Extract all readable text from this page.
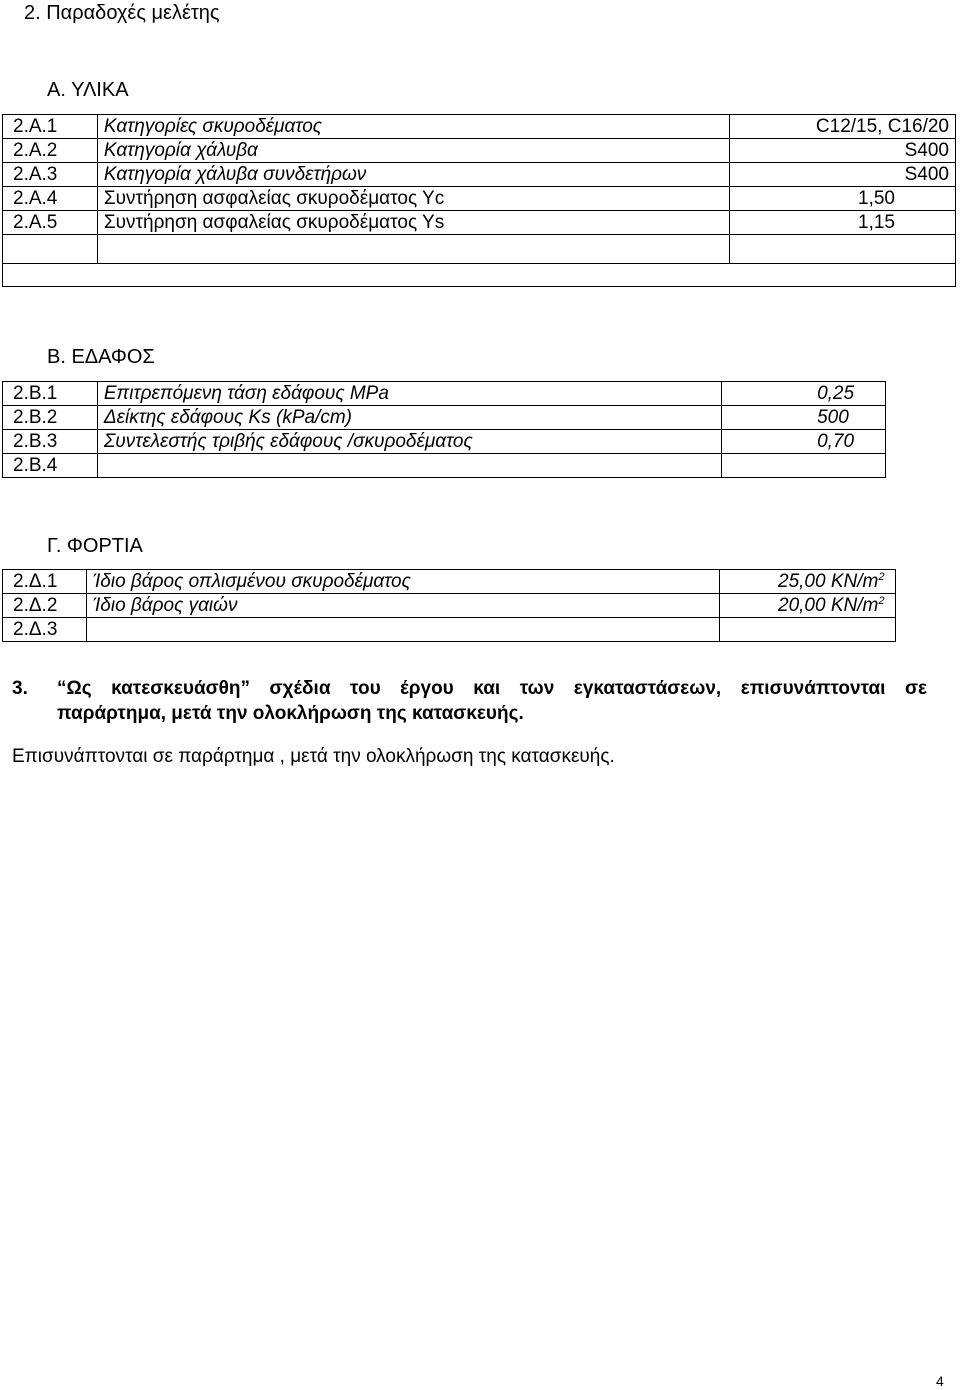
2. Παραδοχές μελέτης
Α. ΥΛΙΚΑ
2.Α.1	Κατηγορίες σκυροδέματος	C12/15, C16/20
2.Α.2	Κατηγορία χάλυβα	S400
2.Α.3	Κατηγορία χάλυβα συνδετήρων	S400
2.Α.4	Συντήρηση ασφαλείας σκυροδέματος Υc	1,50
2.Α.5	Συντήρηση ασφαλείας σκυροδέματος Υs	1,15

Β. ΕΔΑΦΟΣ
2.Β.1	Επιτρεπόμενη τάση εδάφους MPa	0,25
2.Β.2	Δείκτης εδάφους Ks (kPa/cm)	500
2.Β.3	Συντελεστής τριβής εδάφους /σκυροδέματος	0,70
2.Β.4		
Γ. ΦΟΡΤΙΑ
2.Δ.1	Ίδιο βάρος οπλισμένου σκυροδέματος	25,00 $KN/m^2$
2.Δ.2	Ίδιο βάρος γαιών	20,00 $KN/m^2$
2.Δ.3		
3. “Ως κατεσκευάσθη” σχέδια του έργου και των εγκαταστάσεων, επισυνάπτονται σε
παράρτημα, μετά την ολοκλήρωση της κατασκευής.
Επισυνάπτονται σε παράρτημα , μετά την ολοκλήρωση της κατασκευής.
4
